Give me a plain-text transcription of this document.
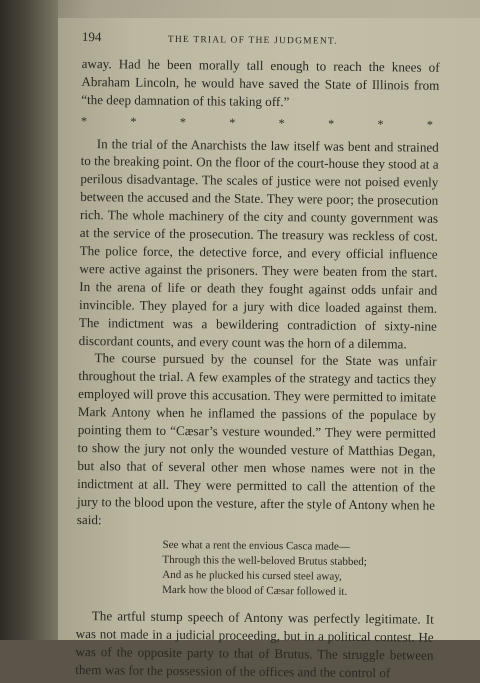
194	THE TRIAL OF THE JUDGMENT.

away. Had he been morally tall enough to reach the knees of Abraham Lincoln, he would have saved the State of Illinois from “the deep damnation of this taking off.”

*	*	*	*	*	*	*	*

In the trial of the Anarchists the law itself was bent and strained to the breaking point. On the floor of the court-house they stood at a perilous disadvantage. The scales of justice were not poised evenly between the accused and the State. They were poor; the prosecution rich. The whole machinery of the city and county government was at the service of the prosecution. The treasury was reckless of cost. The police force, the detective force, and every official influence were active against the prisoners. They were beaten from the start. In the arena of life or death they fought against odds unfair and invincible. They played for a jury with dice loaded against them. The indictment was a bewildering contradiction of sixty-nine discordant counts, and every count was the horn of a dilemma.

The course pursued by the counsel for the State was unfair throughout the trial. A few examples of the strategy and tactics they employed will prove this accusation. They were permitted to imitate Mark Antony when he inflamed the passions of the populace by pointing them to “Cæsar’s vesture wounded.” They were permitted to show the jury not only the wounded vesture of Matthias Degan, but also that of several other men whose names were not in the indictment at all. They were permitted to call the attention of the jury to the blood upon the vesture, after the style of Antony when he said:

See what a rent the envious Casca made—
Through this the well-beloved Brutus stabbed;
And as he plucked his cursed steel away,
Mark how the blood of Cæsar followed it.

The artful stump speech of Antony was perfectly legitimate. It was not made in a judicial proceeding, but in a political contest. He was of the opposite party to that of Brutus. The struggle between them was for the possession of the offices and the control of
